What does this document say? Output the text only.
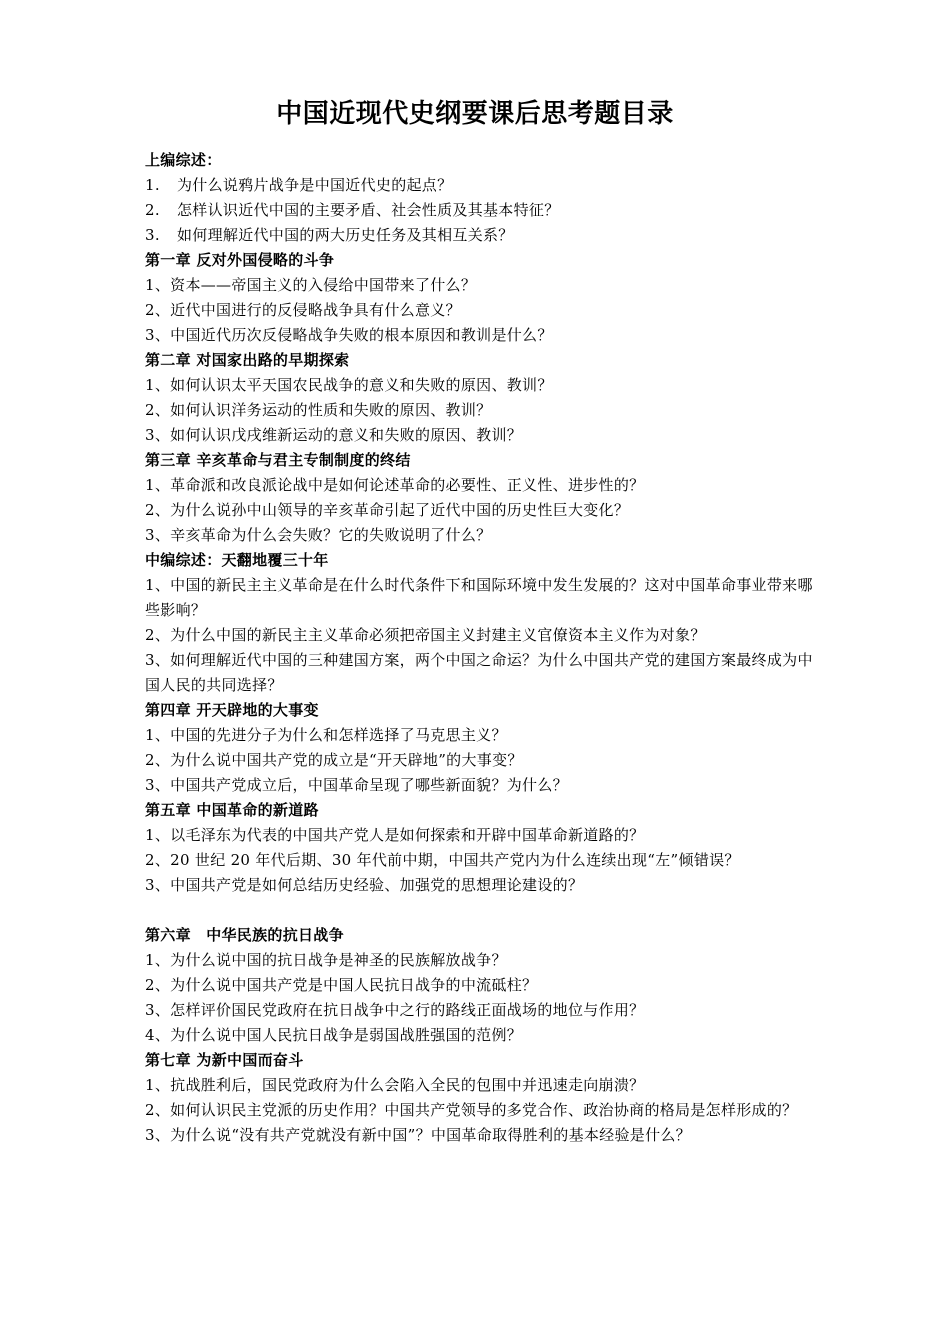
中国近现代史纲要课后思考题目录
上编综述：
1. 为什么说鸦片战争是中国近代史的起点？
2. 怎样认识近代中国的主要矛盾、社会性质及其基本特征？
3. 如何理解近代中国的两大历史任务及其相互关系？
第一章 反对外国侵略的斗争
1、资本——帝国主义的入侵给中国带来了什么？
2、近代中国进行的反侵略战争具有什么意义？
3、中国近代历次反侵略战争失败的根本原因和教训是什么？
第二章 对国家出路的早期探索
1、如何认识太平天国农民战争的意义和失败的原因、教训？
2、如何认识洋务运动的性质和失败的原因、教训？
3、如何认识戊戌维新运动的意义和失败的原因、教训？
第三章 辛亥革命与君主专制制度的终结
1、革命派和改良派论战中是如何论述革命的必要性、正义性、进步性的？
2、为什么说孙中山领导的辛亥革命引起了近代中国的历史性巨大变化？
3、辛亥革命为什么会失败？它的失败说明了什么？
中编综述：天翻地覆三十年
1、中国的新民主主义革命是在什么时代条件下和国际环境中发生发展的？这对中国革命事业带来哪些影响？
2、为什么中国的新民主主义革命必须把帝国主义封建主义官僚资本主义作为对象？
3、如何理解近代中国的三种建国方案，两个中国之命运？为什么中国共产党的建国方案最终成为中国人民的共同选择？
第四章 开天辟地的大事变
1、中国的先进分子为什么和怎样选择了马克思主义？
2、为什么说中国共产党的成立是“开天辟地”的大事变？
3、中国共产党成立后，中国革命呈现了哪些新面貌？为什么？
第五章 中国革命的新道路
1、以毛泽东为代表的中国共产党人是如何探索和开辟中国革命新道路的？
2、20 世纪 20 年代后期、30 年代前中期，中国共产党内为什么连续出现“左”倾错误？
3、中国共产党是如何总结历史经验、加强党的思想理论建设的？
第六章　中华民族的抗日战争
1、为什么说中国的抗日战争是神圣的民族解放战争？
2、为什么说中国共产党是中国人民抗日战争的中流砥柱？
3、怎样评价国民党政府在抗日战争中之行的路线正面战场的地位与作用？
4、为什么说中国人民抗日战争是弱国战胜强国的范例？
第七章 为新中国而奋斗
1、抗战胜利后，国民党政府为什么会陷入全民的包围中并迅速走向崩溃？
2、如何认识民主党派的历史作用？中国共产党领导的多党合作、政治协商的格局是怎样形成的？
3、为什么说“没有共产党就没有新中国”？中国革命取得胜利的基本经验是什么？
